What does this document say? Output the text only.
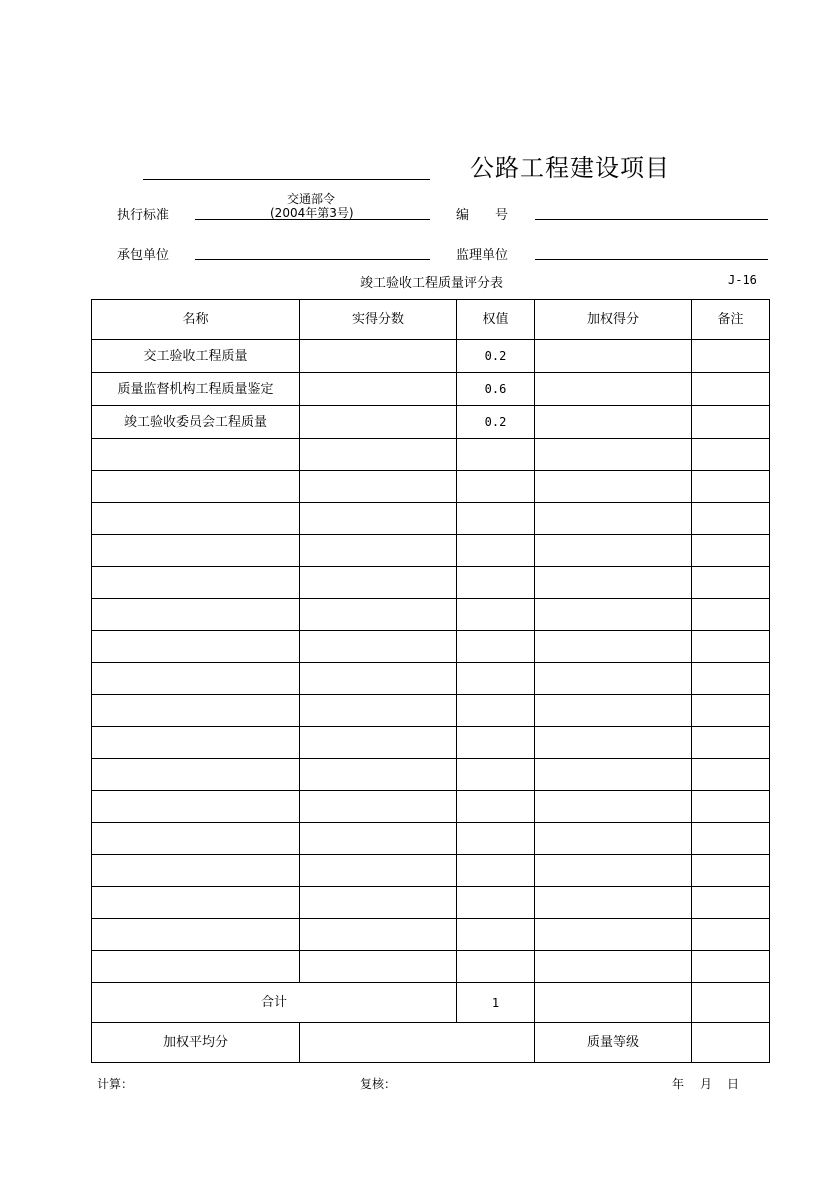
公路工程建设项目
执行标准
交通部令
(2004年第3号)	编　　号
承包单位	监理单位
竣工验收工程质量评分表	J-16
名称	实得分数	权值	加权得分	备注
交工验收工程质量		0.2		
质量监督机构工程质量鉴定		0.6		
竣工验收委员会工程质量		0.2		

合计		1		
加权平均分			质量等级	
计算：	复核：	年 月 日
